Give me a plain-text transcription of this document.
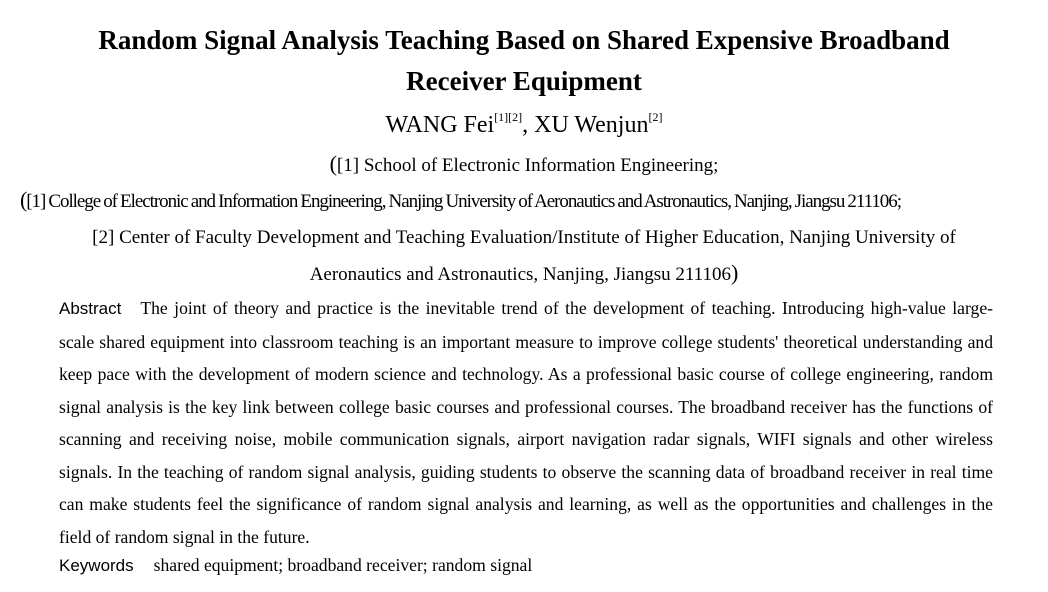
Random Signal Analysis Teaching Based on Shared Expensive Broadband
Receiver Equipment
WANG Fei[1][2], XU Wenjun[2]
([1] School of Electronic Information Engineering;
([1] College of Electronic and Information Engineering, Nanjing University of Aeronautics and Astronautics, Nanjing, Jiangsu 211106;
[2] Center of Faculty Development and Teaching Evaluation/Institute of Higher Education, Nanjing University of
Aeronautics and Astronautics, Nanjing, Jiangsu 211106)
Abstract The joint of theory and practice is the inevitable trend of the development of teaching. Introducing high-value large-scale shared equipment into classroom teaching is an important measure to improve college students' theoretical understanding and keep pace with the development of modern science and technology. As a professional basic course of college engineering, random signal analysis is the key link between college basic courses and professional courses. The broadband receiver has the functions of scanning and receiving noise, mobile communication signals, airport navigation radar signals, WIFI signals and other wireless signals. In the teaching of random signal analysis, guiding students to observe the scanning data of broadband receiver in real time can make students feel the significance of random signal analysis and learning, as well as the opportunities and challenges in the field of random signal in the future.
Keywords shared equipment; broadband receiver; random signal
